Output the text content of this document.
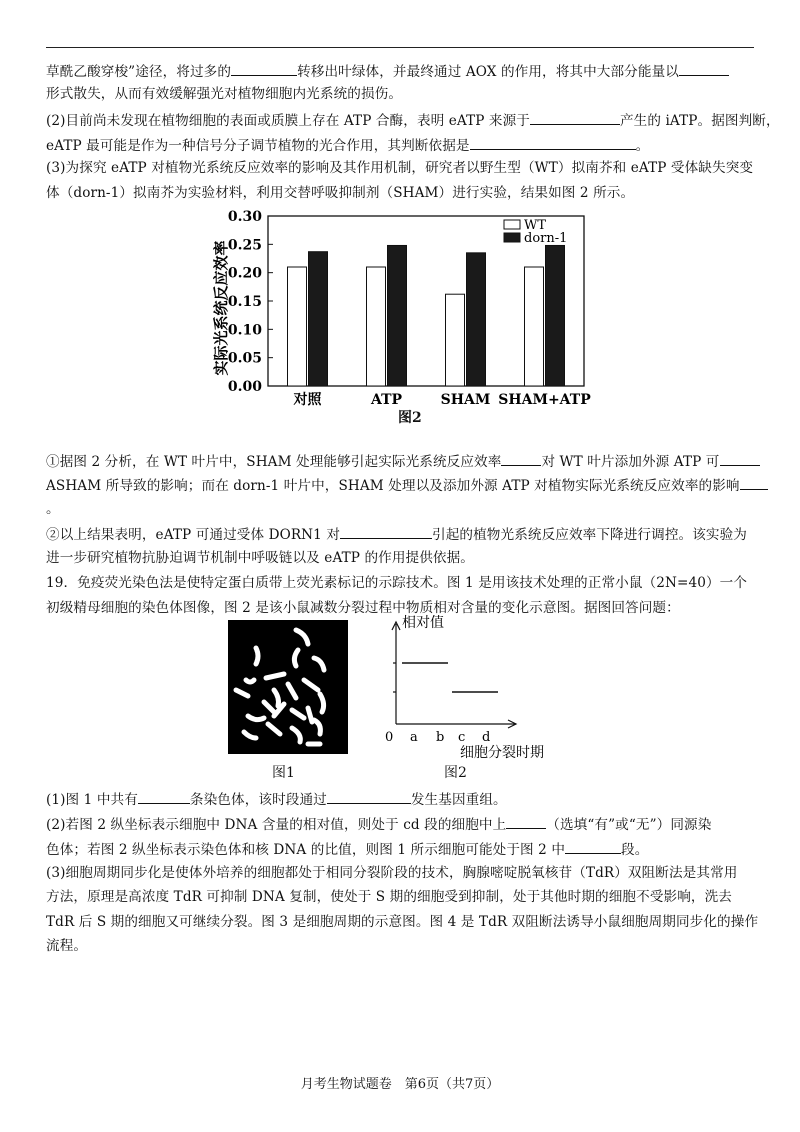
草酰乙酸穿梭”途径，将过多的	转移出叶绿体，并最终通过 AOX 的作用，将其中大部分能量以
形式散失，从而有效缓解强光对植物细胞内光系统的损伤。
(2)目前尚未发现在植物细胞的表面或质膜上存在 ATP 合酶，表明 eATP 来源于	产生的 iATP。据图判断，
eATP 最可能是作为一种信号分子调节植物的光合作用，其判断依据是	。
(3)为探究 eATP 对植物光系统反应效率的影响及其作用机制，研究者以野生型（WT）拟南芥和 eATP 受体缺失突变
体（dorn-1）拟南芥为实验材料，利用交替呼吸抑制剂（SHAM）进行实验，结果如图 2 所示。
0.00
0.05
0.10
0.15
0.20
0.25
0.30
对照	ATP	SHAM SHAM+ATP
WT
dorn-1
实际光系统反应效率
图2
①据图 2 分析，在 WT 叶片中，SHAM 处理能够引起实际光系统反应效率	对 WT 叶片添加外源 ATP 可
ASHAM 所导致的影响；而在 dorn-1 叶片中，SHAM 处理以及添加外源 ATP 对植物实际光系统反应效率的影响
。
②以上结果表明，eATP 可通过受体 DORN1 对	引起的植物光系统反应效率下降进行调控。该实验为
进一步研究植物抗胁迫调节机制中呼吸链以及 eATP 的作用提供依据。
19．免疫荧光染色法是使特定蛋白质带上荧光素标记的示踪技术。图 1 是用该技术处理的正常小鼠（2N=40）一个
初级精母细胞的染色体图像，图 2 是该小鼠减数分裂过程中物质相对含量的变化示意图。据图回答问题：
图1
相对值
0 a b c d
细胞分裂时期
图2
(1)图 1 中共有	条染色体，该时段通过	发生基因重组。
(2)若图 2 纵坐标表示细胞中 DNA 含量的相对值，则处于 cd 段的细胞中上	（选填“有”或“无”）同源染
色体；若图 2 纵坐标表示染色体和核 DNA 的比值，则图 1 所示细胞可能处于图 2 中	段。
(3)细胞周期同步化是使体外培养的细胞都处于相同分裂阶段的技术，胸腺嘧啶脱氧核苷（TdR）双阻断法是其常用
方法，原理是高浓度 TdR 可抑制 DNA 复制，使处于 S 期的细胞受到抑制，处于其他时期的细胞不受影响，洗去
TdR 后 S 期的细胞又可继续分裂。图 3 是细胞周期的示意图。图 4 是 TdR 双阻断法诱导小鼠细胞周期同步化的操作
流程。
月考生物试题卷　第6页（共7页）
